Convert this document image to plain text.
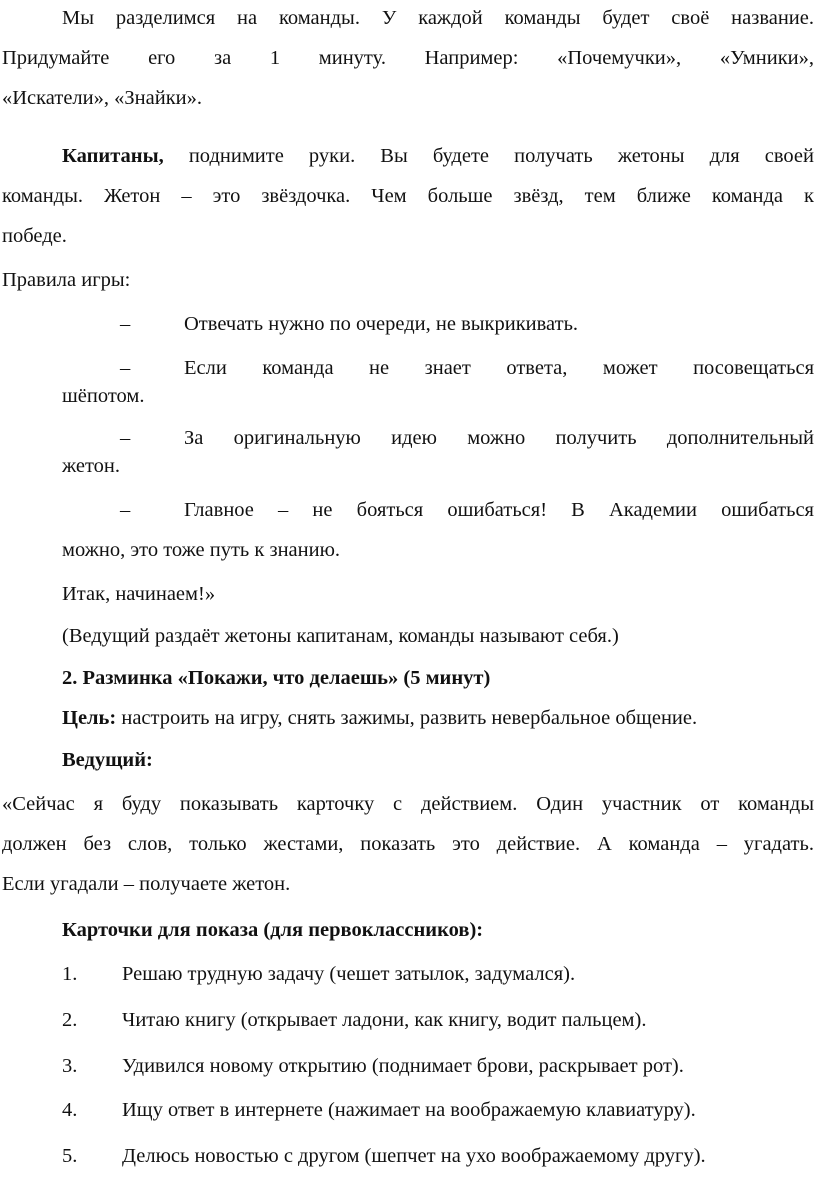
Мы разделимся на команды. У каждой команды будет своё название.
Придумайте его за 1 минуту. Например: «Почемучки», «Умники»,
«Искатели», «Знайки».
Капитаны, поднимите руки. Вы будете получать жетоны для своей
команды. Жетон – это звёздочка. Чем больше звёзд, тем ближе команда к
победе.
Правила игры:
–	Отвечать нужно по очереди, не выкрикивать.
–	Если команда не знает ответа, может посовещаться
шёпотом.
–	За оригинальную идею можно получить дополнительный
жетон.
–	Главное – не бояться ошибаться! В Академии ошибаться
можно, это тоже путь к знанию.
Итак, начинаем!»
(Ведущий раздаёт жетоны капитанам, команды называют себя.)
2. Разминка «Покажи, что делаешь» (5 минут)
Цель: настроить на игру, снять зажимы, развить невербальное общение.
Ведущий:
«Сейчас я буду показывать карточку с действием. Один участник от команды
должен без слов, только жестами, показать это действие. А команда – угадать.
Если угадали – получаете жетон.
Карточки для показа (для первоклассников):
1. Решаю трудную задачу (чешет затылок, задумался).
2. Читаю книгу (открывает ладони, как книгу, водит пальцем).
3. Удивился новому открытию (поднимает брови, раскрывает рот).
4. Ищу ответ в интернете (нажимает на воображаемую клавиатуру).
5. Делюсь новостью с другом (шепчет на ухо воображаемому другу).
